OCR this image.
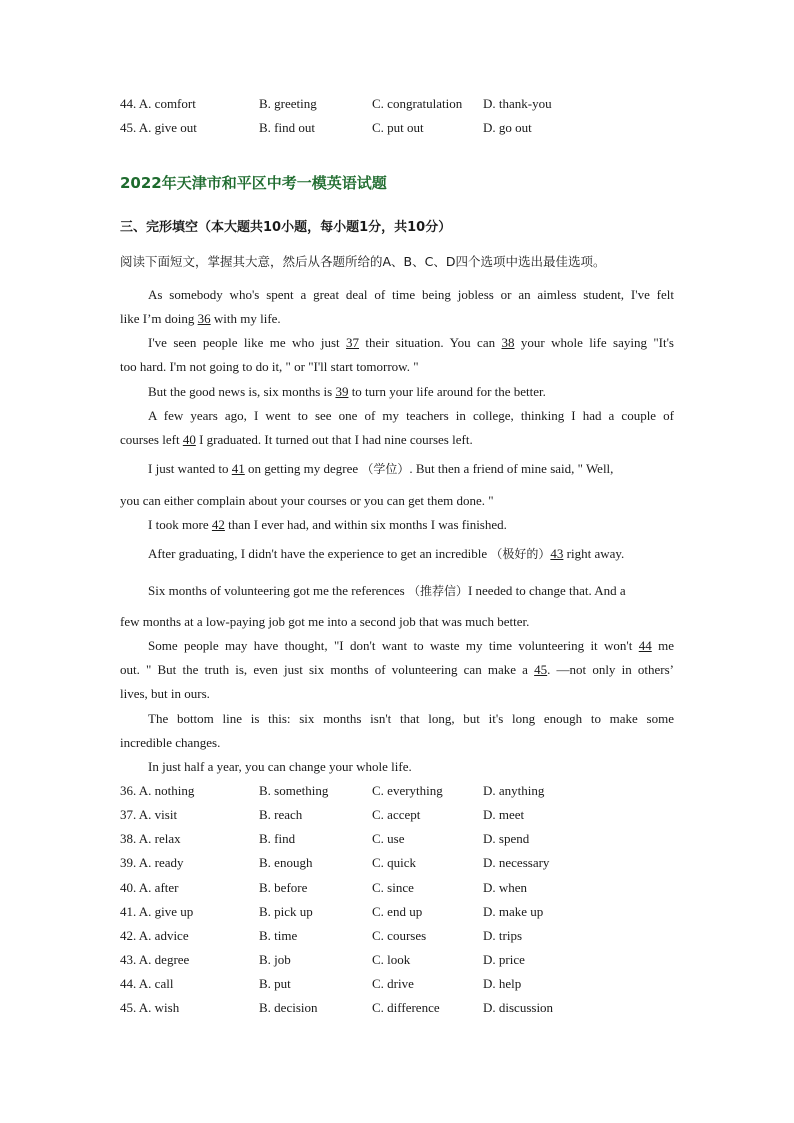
44. A. comfort	B. greeting	C. congratulation D. thank-you
45. A. give out	B. find out	C. put out	D. go out
2022年天津市和平区中考一模英语试题
三、完形填空（本大题共10小题，每小题1分，共10分）
阅读下面短文，掌握其大意，然后从各题所给的A、B、C、D四个选项中选出最佳选项。
As somebody who's spent a great deal of time being jobless or an aimless student, I've felt
like I’m doing 36 with my life.
I've seen people like me who just 37 their situation. You can 38 your whole life saying "It's
too hard. I'm not going to do it, " or "I'll start tomorrow. "
But the good news is, six months is 39 to turn your life around for the better.
A few years ago, I went to see one of my teachers in college, thinking I had a couple of
courses left 40 I graduated. It turned out that I had nine courses left.
I just wanted to 41 on getting my degree （学位）. But then a friend of mine said, " Well,
you can either complain about your courses or you can get them done. "
I took more 42 than I ever had, and within six months I was finished.
After graduating, I didn't have the experience to get an incredible （极好的）43 right away.
Six months of volunteering got me the references （推荐信）I needed to change that. And a
few months at a low-paying job got me into a second job that was much better.
Some people may have thought, "I don't want to waste my time volunteering it won't 44 me
out. " But the truth is, even just six months of volunteering can make a 45. —not only in others’
lives, but in ours.
The bottom line is this: six months isn't that long, but it's long enough to make some
incredible changes.
In just half a year, you can change your whole life.
36. A. nothing	B. something	C. everything	D. anything
37. A. visit	B. reach	C. accept	D. meet
38. A. relax	B. find	C. use	D. spend
39. A. ready	B. enough	C. quick	D. necessary
40. A. after	B. before	C. since	D. when
41. A. give up	B. pick up	C. end up	D. make up
42. A. advice	B. time	C. courses	D. trips
43. A. degree	B. job	C. look	D. price
44. A. call	B. put	C. drive	D. help
45. A. wish	B. decision	C. difference	D. discussion
